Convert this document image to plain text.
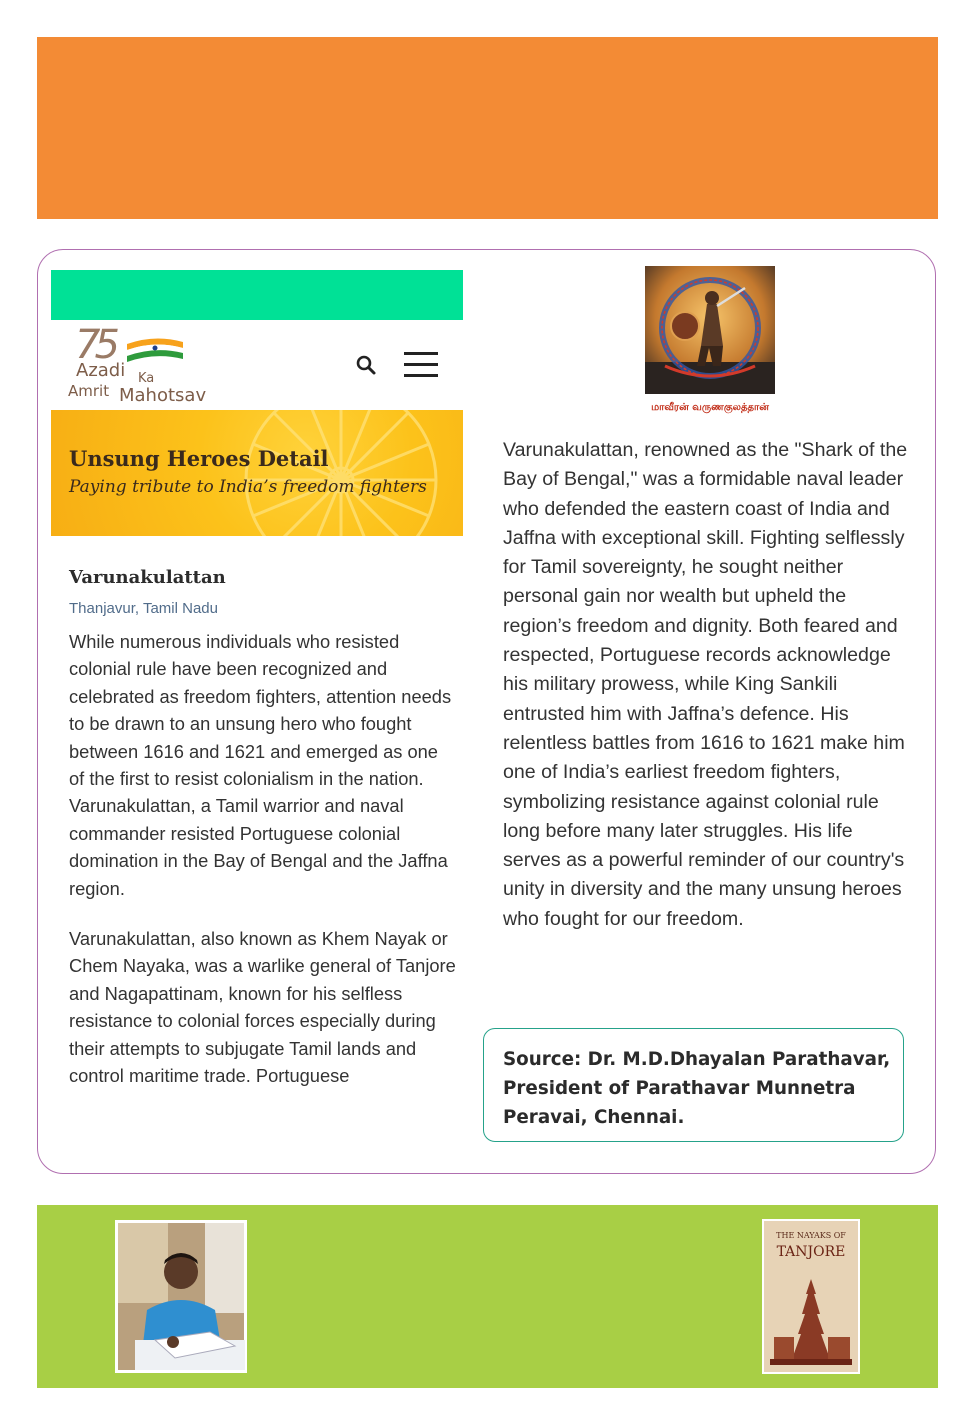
75
Azadi Ka
Amrit Mahotsav
Unsung Heroes Detail
Paying tribute to India’s freedom fighters
Varunakulattan
Thanjavur, Tamil Nadu

While numerous individuals who resisted colonial rule have been recognized and celebrated as freedom fighters, attention needs to be drawn to an unsung hero who fought between 1616 and 1621 and emerged as one of the first to resist colonialism in the nation. Varunakulattan, a Tamil warrior and naval commander resisted Portuguese colonial domination in the Bay of Bengal and the Jaffna region.

Varunakulattan, also known as Khem Nayak or Chem Nayaka, was a warlike general of Tanjore and Nagapattinam, known for his selfless resistance to colonial forces especially during their attempts to subjugate Tamil lands and control maritime trade. Portuguese

மாவீரன் வருணகுலத்தான்

Varunakulattan, renowned as the "Shark of the Bay of Bengal," was a formidable naval leader who defended the eastern coast of India and Jaffna with exceptional skill. Fighting selflessly for Tamil sovereignty, he sought neither personal gain nor wealth but upheld the region’s freedom and dignity. Both feared and respected, Portuguese records acknowledge his military prowess, while King Sankili entrusted him with Jaffna’s defence. His relentless battles from 1616 to 1621 make him one of India’s earliest freedom fighters, symbolizing resistance against colonial rule long before many later struggles. His life serves as a powerful reminder of our country's unity in diversity and the many unsung heroes who fought for our freedom.

Source: Dr. M.D.Dhayalan Parathavar, President of Parathavar Munnetra Peravai, Chennai.
THE NAYAKS OF
TANJORE
